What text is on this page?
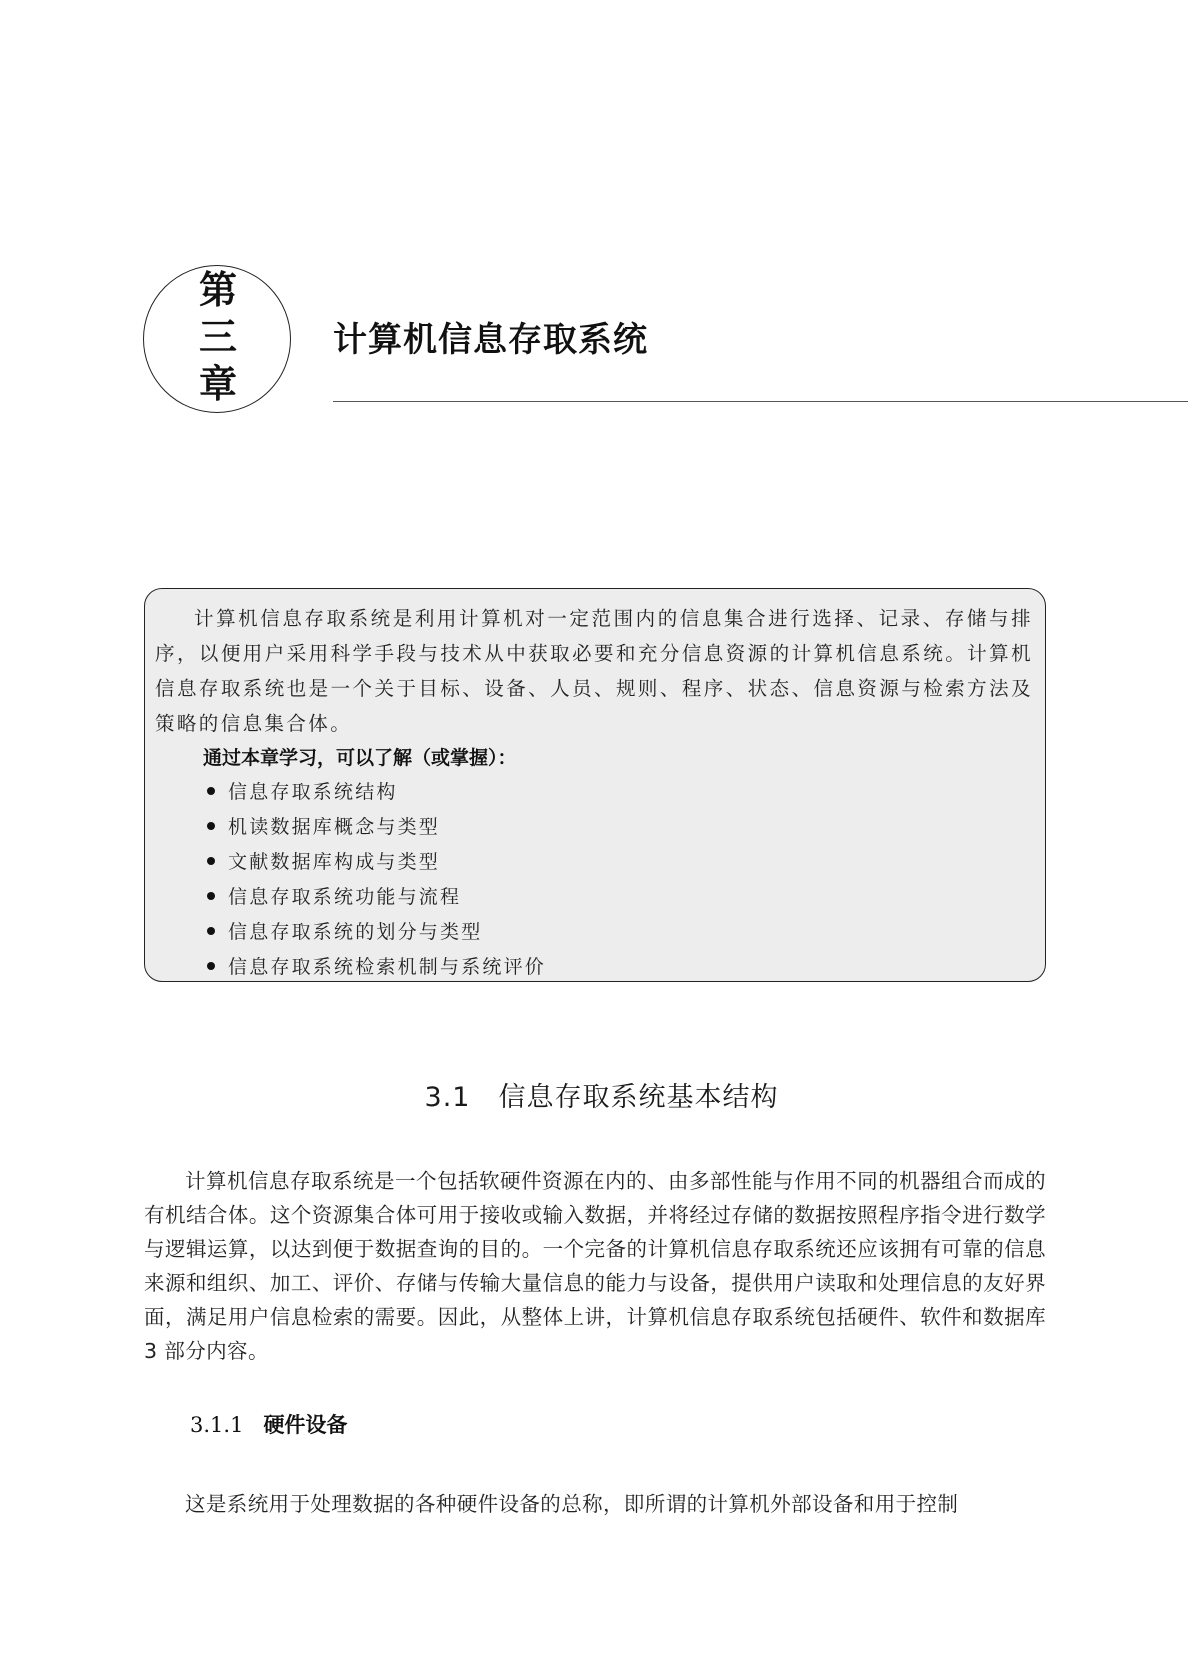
第
三
章
计算机信息存取系统

计算机信息存取系统是利用计算机对一定范围内的信息集合进行选择、记录、存储与排序，以便用户采用科学手段与技术从中获取必要和充分信息资源的计算机信息系统。计算机信息存取系统也是一个关于目标、设备、人员、规则、程序、状态、信息资源与检索方法及策略的信息集合体。

通过本章学习，可以了解（或掌握）：

信息存取系统结构
机读数据库概念与类型
文献数据库构成与类型
信息存取系统功能与流程
信息存取系统的划分与类型
信息存取系统检索机制与系统评价
3.1 信息存取系统基本结构

计算机信息存取系统是一个包括软硬件资源在内的、由多部性能与作用不同的机器组合而成的有机结合体。这个资源集合体可用于接收或输入数据，并将经过存储的数据按照程序指令进行数学与逻辑运算，以达到便于数据查询的目的。一个完备的计算机信息存取系统还应该拥有可靠的信息来源和组织、加工、评价、存储与传输大量信息的能力与设备，提供用户读取和处理信息的友好界面，满足用户信息检索的需要。因此，从整体上讲，计算机信息存取系统包括硬件、软件和数据库 3 部分内容。

3.1.1 硬件设备

这是系统用于处理数据的各种硬件设备的总称，即所谓的计算机外部设备和用于控制
